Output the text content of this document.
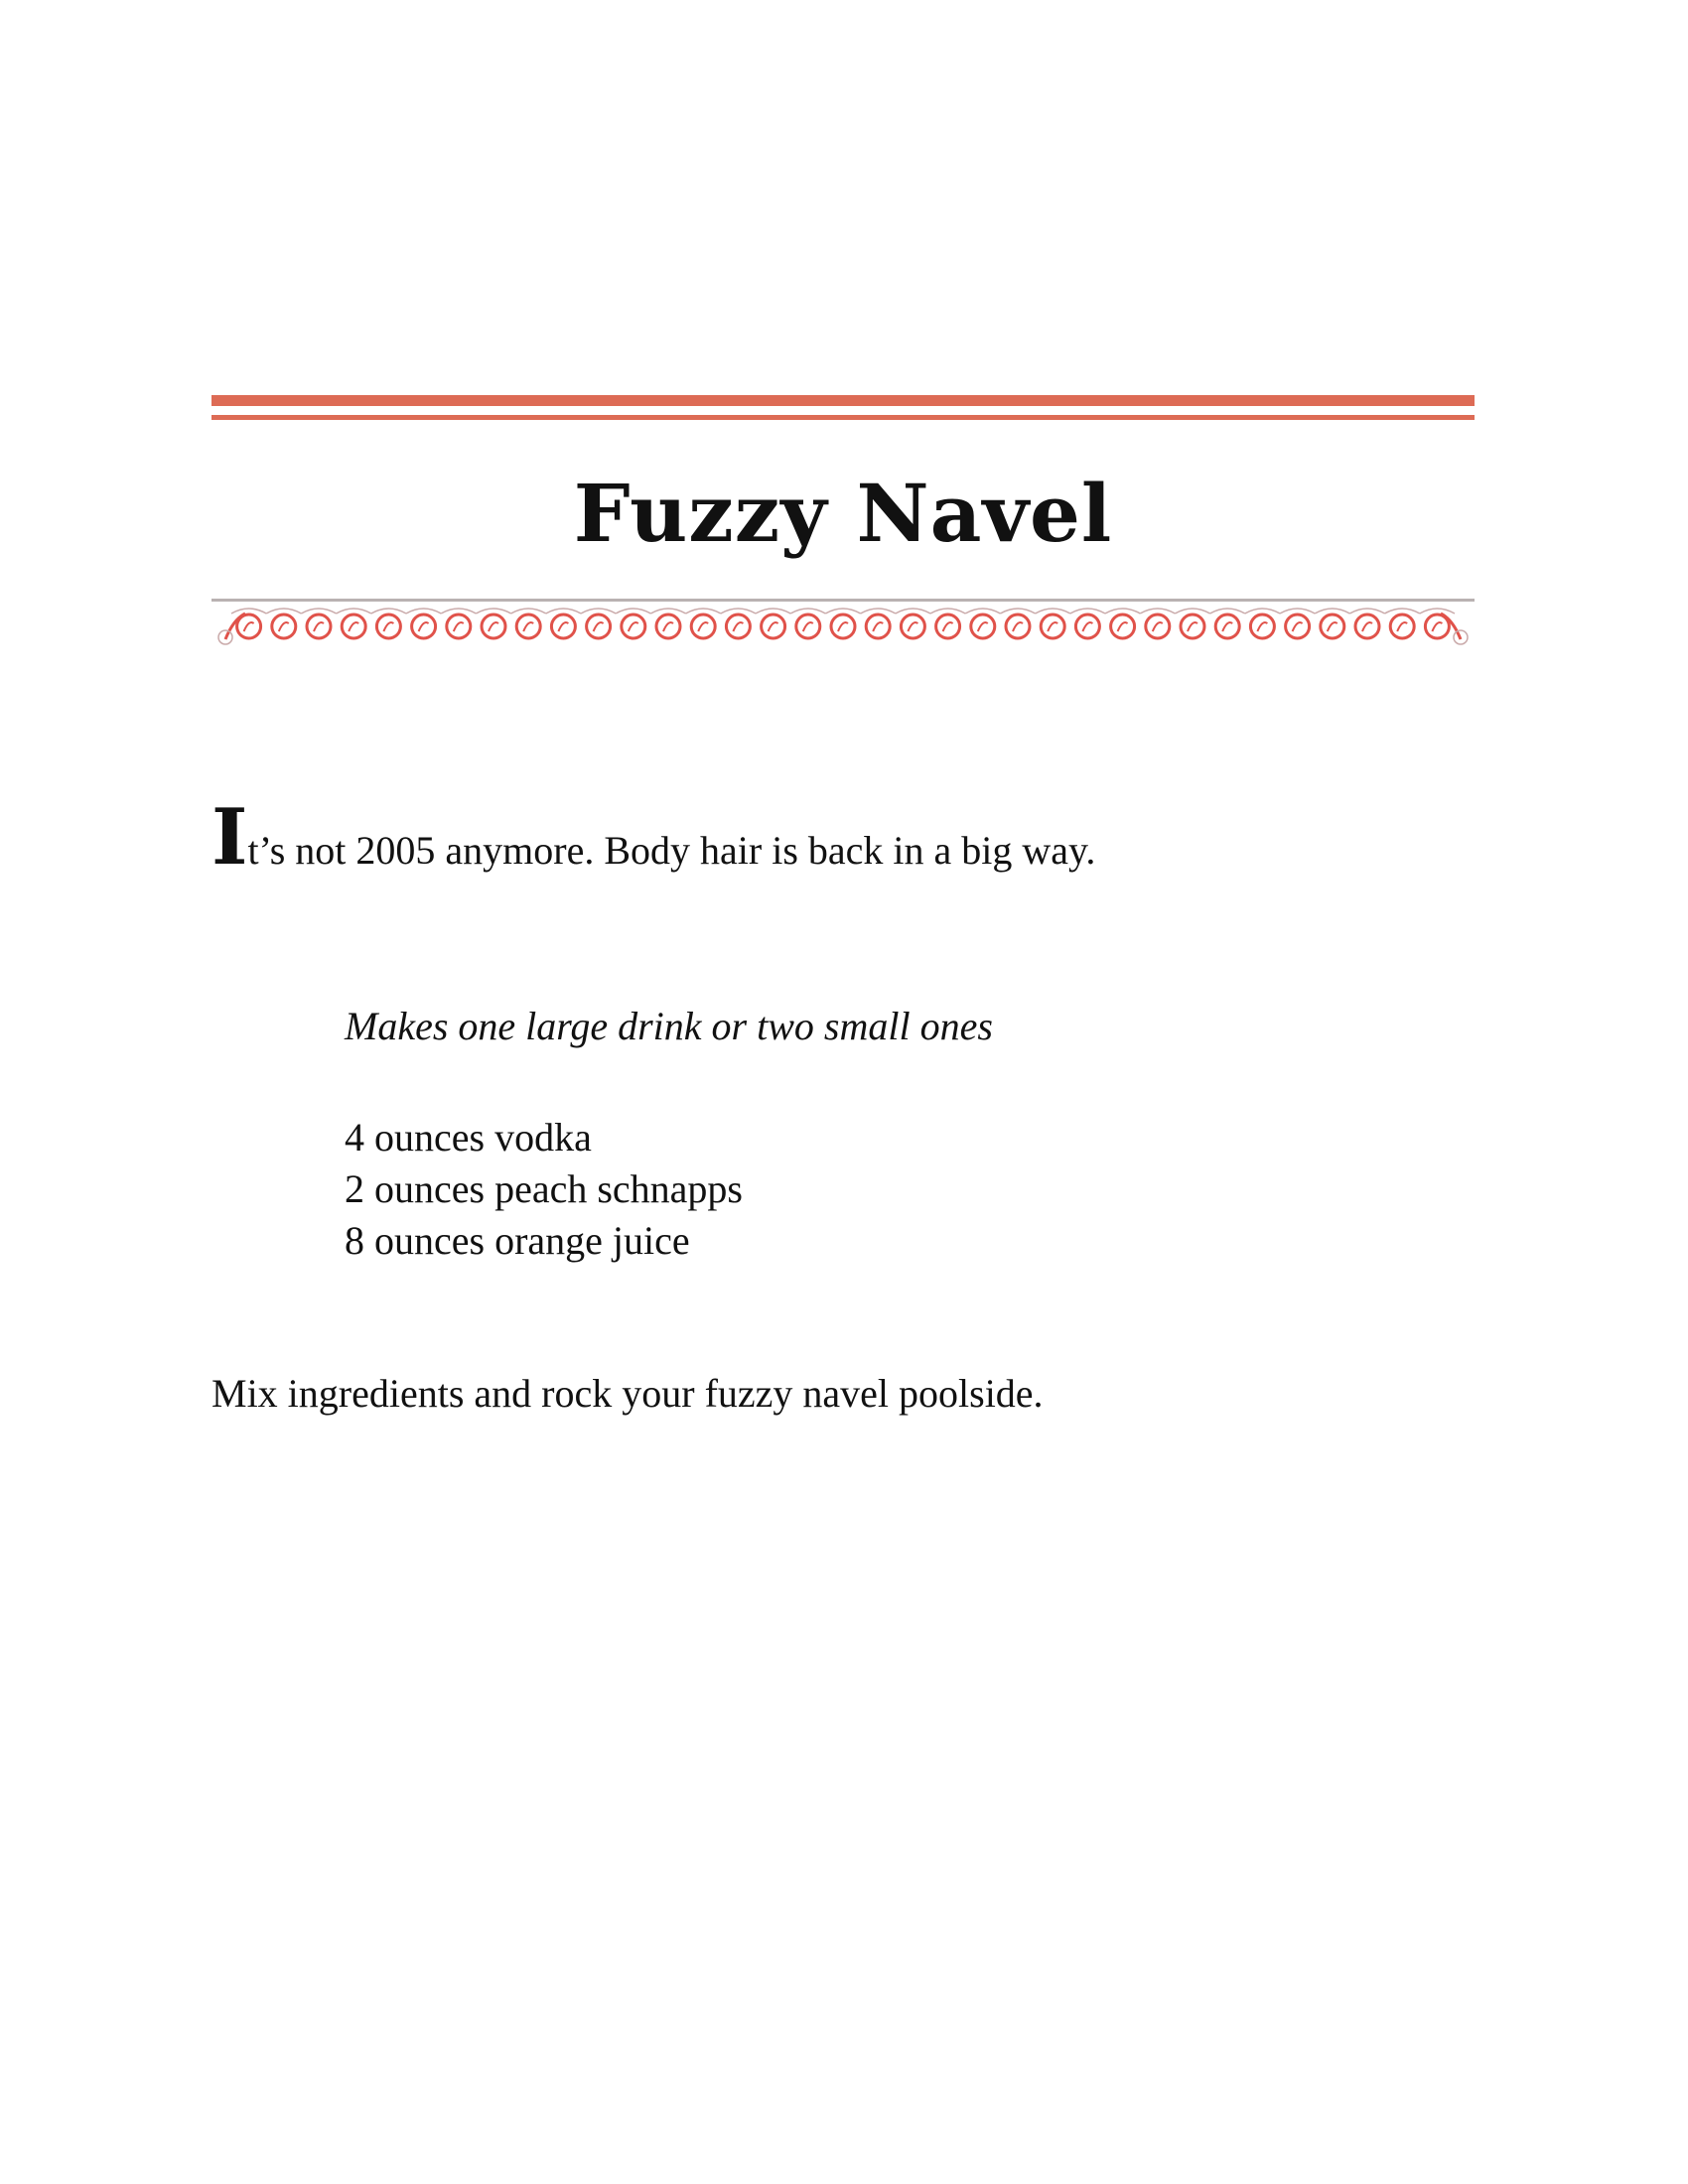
Fuzzy Navel
It’s not 2005 anymore. Body hair is back in a big way.
Makes one large drink or two small ones
4 ounces vodka
2 ounces peach schnapps
8 ounces orange juice
Mix ingredients and rock your fuzzy navel poolside.
